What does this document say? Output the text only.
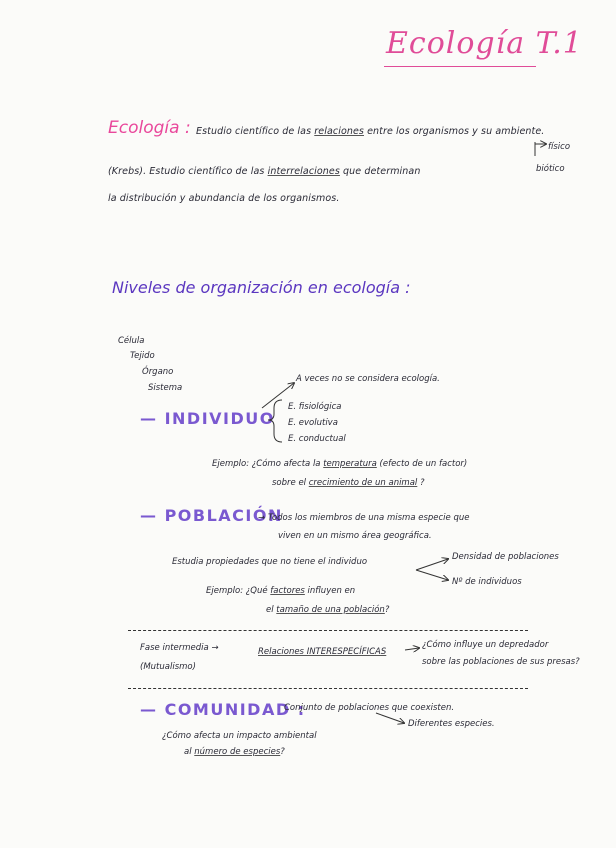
Ecología T.1
Ecología : Estudio científico de las relaciones entre los organismos y su ambiente.
físico
biótico
(Krebs). Estudio científico de las interrelaciones que determinan
la distribución y abundancia de los organismos.
Niveles de organización en ecología :
Célula
Tejido
Órgano
Sistema
— INDIVIDUO
A veces no se considera ecología.
E. fisiológica
E. evolutiva
E. conductual
Ejemplo: ¿Cómo afecta la temperatura (efecto de un factor)
sobre el crecimiento de un animal ?
— POBLACIÓN
→ Todos los miembros de una misma especie que
viven en un mismo área geográfica.
Estudia propiedades que no tiene el individuo	Densidad de poblaciones
Nº de individuos
Ejemplo: ¿Qué factores influyen en
el tamaño de una población?
Fase intermedia →
(Mutualismo)
Relaciones INTERESPECÍFICAS
¿Cómo influye un depredador
sobre las poblaciones de sus presas?
— COMUNIDAD :
Conjunto de poblaciones que coexisten.
Diferentes especies.
¿Cómo afecta un impacto ambiental
al número de especies?
